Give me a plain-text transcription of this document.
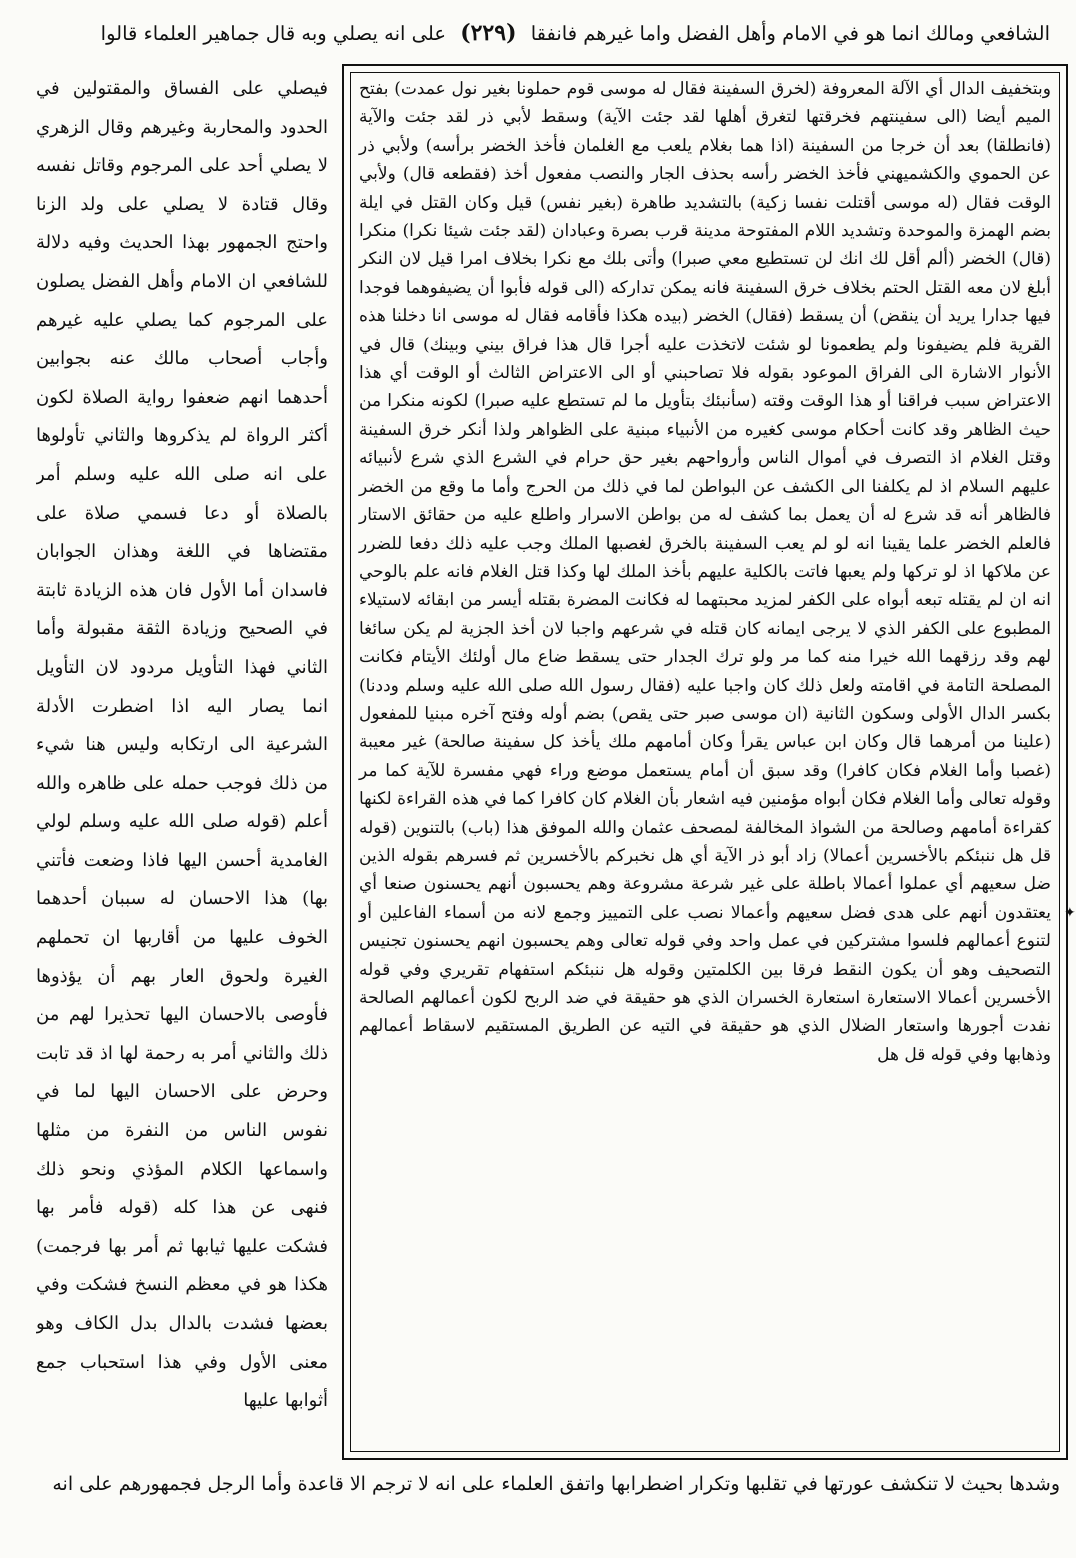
الشافعي ومالك انما هو في الامام وأهل الفضل واما غيرهم فانفقا (٢٢٩) على انه يصلي وبه قال جماهير العلماء قالوا
وبتخفيف الدال أي الآلة المعروفة (لخرق السفينة فقال له موسى قوم حملونا بغير نول عمدت) بفتح الميم أيضا (الى سفينتهم فخرقتها لتغرق أهلها لقد جئت الآية) وسقط لأبي ذر لقد جئت والآية (فانطلقا) بعد أن خرجا من السفينة (اذا هما بغلام يلعب مع الغلمان فأخذ الخضر برأسه) ولأبي ذر عن الحموي والكشميهني فأخذ الخضر رأسه بحذف الجار والنصب مفعول أخذ (فقطعه قال) ولأبي الوقت فقال (له موسى أقتلت نفسا زكية) بالتشديد طاهرة (بغير نفس) قيل وكان القتل في ايلة بضم الهمزة والموحدة وتشديد اللام المفتوحة مدينة قرب بصرة وعبادان (لقد جئت شيئا نكرا) منكرا (قال) الخضر (ألم أقل لك انك لن تستطيع معي صبرا) وأتى بلك مع نكرا بخلاف امرا قيل لان النكر أبلغ لان معه القتل الحتم بخلاف خرق السفينة فانه يمكن تداركه (الى قوله فأبوا أن يضيفوهما فوجدا فيها جدارا يريد أن ينقض) أن يسقط (فقال) الخضر (بيده هكذا فأقامه فقال له موسى انا دخلنا هذه القرية فلم يضيفونا ولم يطعمونا لو شئت لاتخذت عليه أجرا قال هذا فراق بيني وبينك) قال في الأنوار الاشارة الى الفراق الموعود بقوله فلا تصاحبني أو الى الاعتراض الثالث أو الوقت أي هذا الاعتراض سبب فراقنا أو هذا الوقت وقته (سأنبئك بتأويل ما لم تستطع عليه صبرا) لكونه منكرا من حيث الظاهر وقد كانت أحكام موسى كغيره من الأنبياء مبنية على الظواهر ولذا أنكر خرق السفينة وقتل الغلام اذ التصرف في أموال الناس وأرواحهم بغير حق حرام في الشرع الذي شرع لأنبيائه عليهم السلام اذ لم يكلفنا الى الكشف عن البواطن لما في ذلك من الحرج وأما ما وقع من الخضر فالظاهر أنه قد شرع له أن يعمل بما كشف له من بواطن الاسرار واطلع عليه من حقائق الاستار فالعلم الخضر علما يقينا انه لو لم يعب السفينة بالخرق لغصبها الملك وجب عليه ذلك دفعا للضرر عن ملاكها اذ لو تركها ولم يعبها فاتت بالكلية عليهم بأخذ الملك لها وكذا قتل الغلام فانه علم بالوحي انه ان لم يقتله تبعه أبواه على الكفر لمزيد محبتهما له فكانت المضرة بقتله أيسر من ابقائه لاستيلاء المطبوع على الكفر الذي لا يرجى ايمانه كان قتله في شرعهم واجبا لان أخذ الجزية لم يكن سائغا لهم وقد رزقهما الله خيرا منه كما مر ولو ترك الجدار حتى يسقط ضاع مال أولئك الأيتام فكانت المصلحة التامة في اقامته ولعل ذلك كان واجبا عليه (فقال رسول الله صلى الله عليه وسلم وددنا) بكسر الدال الأولى وسكون الثانية (ان موسى صبر حتى يقص) بضم أوله وفتح آخره مبنيا للمفعول (علينا من أمرهما قال وكان ابن عباس يقرأ وكان أمامهم ملك يأخذ كل سفينة صالحة) غير معيبة (غصبا وأما الغلام فكان كافرا) وقد سبق أن أمام يستعمل موضع وراء فهي مفسرة للآية كما مر وقوله تعالى وأما الغلام فكان أبواه مؤمنين فيه اشعار بأن الغلام كان كافرا كما في هذه القراءة لكنها كقراءة أمامهم وصالحة من الشواذ المخالفة لمصحف عثمان والله الموفق هذا (باب) بالتنوين (قوله قل هل ننبئكم بالأخسرين أعمالا) زاد أبو ذر الآية أي هل نخبركم بالأخسرين ثم فسرهم بقوله الذين ضل سعيهم أي عملوا أعمالا باطلة على غير شرعة مشروعة وهم يحسبون أنهم يحسنون صنعا أي يعتقدون أنهم على هدى فضل سعيهم وأعمالا نصب على التمييز وجمع لانه من أسماء الفاعلين أو لتنوع أعمالهم فلسوا مشتركين في عمل واحد وفي قوله تعالى وهم يحسبون انهم يحسنون تجنيس التصحيف وهو أن يكون النقط فرقا بين الكلمتين وقوله هل ننبئكم استفهام تقريري وفي قوله الأخسرين أعمالا الاستعارة استعارة الخسران الذي هو حقيقة في ضد الربح لكون أعمالهم الصالحة نفدت أجورها واستعار الضلال الذي هو حقيقة في التيه عن الطريق المستقيم لاسقاط أعمالهم وذهابها وفي قوله قل هل
فيصلي على الفساق والمقتولين في الحدود والمحاربة وغيرهم وقال الزهري لا يصلي أحد على المرجوم وقاتل نفسه وقال قتادة لا يصلي على ولد الزنا واحتج الجمهور بهذا الحديث وفيه دلالة للشافعي ان الامام وأهل الفضل يصلون على المرجوم كما يصلي عليه غيرهم وأجاب أصحاب مالك عنه بجوابين أحدهما انهم ضعفوا رواية الصلاة لكون أكثر الرواة لم يذكروها والثاني تأولوها على انه صلى الله عليه وسلم أمر بالصلاة أو دعا فسمي صلاة على مقتضاها في اللغة وهذان الجوابان فاسدان أما الأول فان هذه الزيادة ثابتة في الصحيح وزيادة الثقة مقبولة وأما الثاني فهذا التأويل مردود لان التأويل انما يصار اليه اذا اضطرت الأدلة الشرعية الى ارتكابه وليس هنا شيء من ذلك فوجب حمله على ظاهره والله أعلم (قوله صلى الله عليه وسلم لولي الغامدية أحسن اليها فاذا وضعت فأتني بها) هذا الاحسان له سببان أحدهما الخوف عليها من أقاربها ان تحملهم الغيرة ولحوق العار بهم أن يؤذوها فأوصى بالاحسان اليها تحذيرا لهم من ذلك والثاني أمر به رحمة لها اذ قد تابت وحرض على الاحسان اليها لما في نفوس الناس من النفرة من مثلها واسماعها الكلام المؤذي ونحو ذلك فنهى عن هذا كله (قوله فأمر بها فشكت عليها ثيابها ثم أمر بها فرجمت) هكذا هو في معظم النسخ فشكت وفي بعضها فشدت بالدال بدل الكاف وهو معنى الأول وفي هذا استحباب جمع أثوابها عليها
وشدها بحيث لا تنكشف عورتها في تقلبها وتكرار اضطرابها واتفق العلماء على انه لا ترجم الا قاعدة وأما الرجل فجمهورهم على انه
✦
